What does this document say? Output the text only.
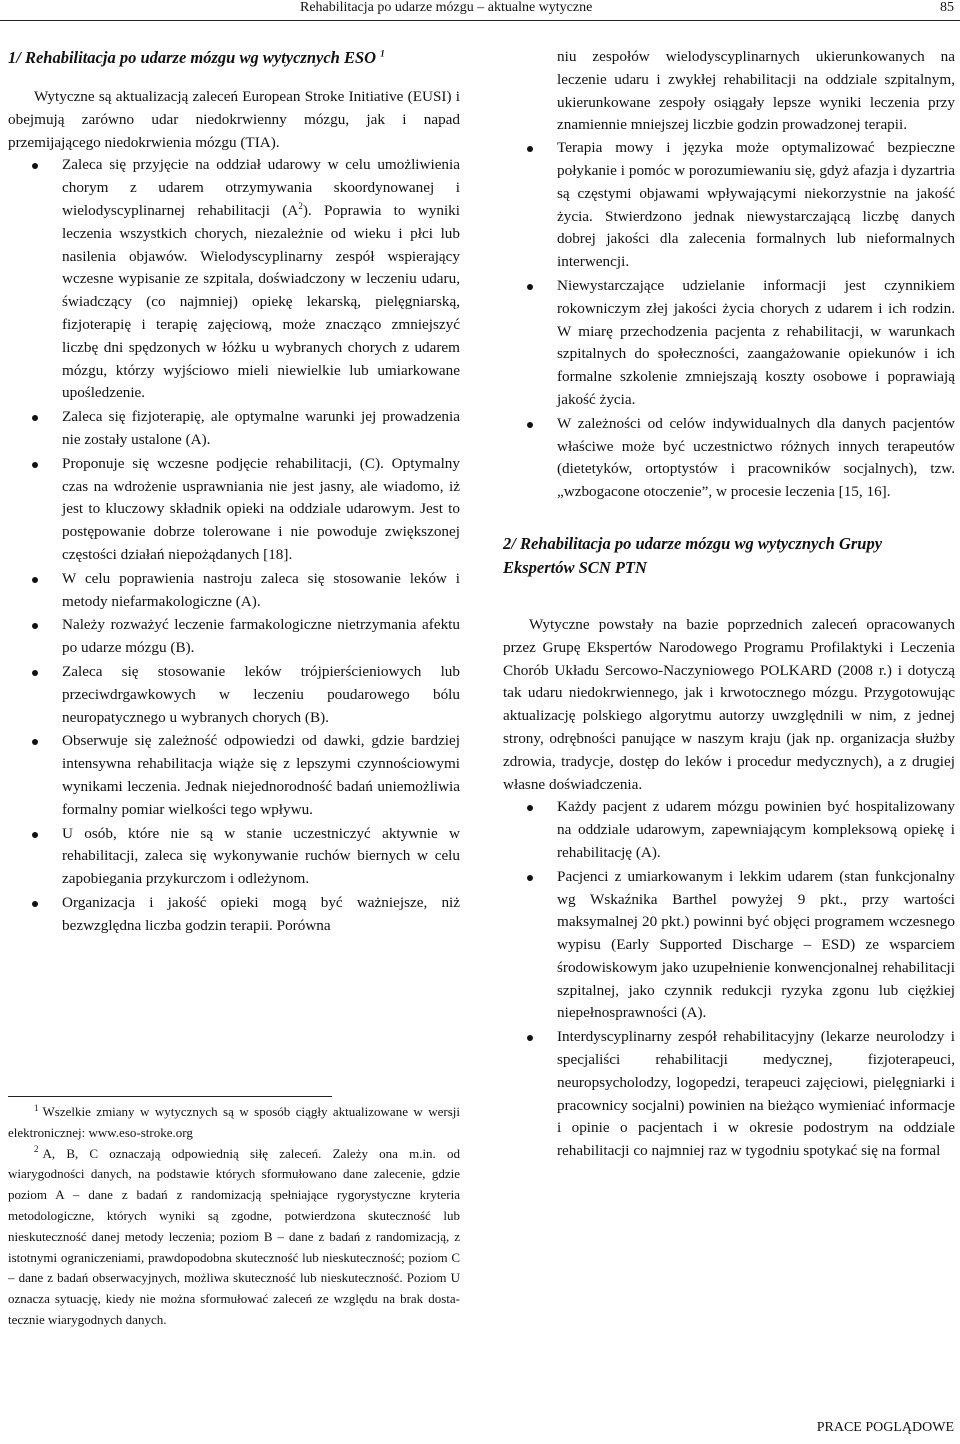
Rehabilitacja po udarze mózgu – aktualne wytyczne	85
1/ Rehabilitacja po udarze mózgu wg wytycznych ESO $^1$

Wytyczne są aktualizacją zaleceń European Stroke Initiative (EUSI) i obejmują zarówno udar niedokrwienny mózgu, jak i napad przemijającego niedokrwienia mózgu (TIA).

Zaleca się przyjęcie na oddział udarowy w celu umożliwienia chorym z udarem otrzymywania skoordynowanej i wielodyscyplinarnej rehabilitacji $(A^2)$. Poprawia to wyniki leczenia wszystkich chorych, niezależnie od wieku i płci lub nasilenia objawów. Wielodyscyplinarny zespół wspierający wczesne wypisanie ze szpitala, doświadczony w leczeniu udaru, świadczący (co najmniej) opiekę lekarską, pielęgniarską, fizjoterapię i terapię zajęciową, może znacząco zmniejszyć liczbę dni spędzonych w łóżku u wybranych chorych z udarem mózgu, którzy wyjściowo mieli niewielkie lub umiarkowane upośledzenie.

Zaleca się fizjoterapię, ale optymalne warunki jej prowadzenia nie zostały ustalone (A).

Proponuje się wczesne podjęcie rehabilitacji, (C). Optymalny czas na wdrożenie usprawniania nie jest jasny, ale wiadomo, iż jest to kluczowy składnik opieki na oddziale udarowym. Jest to postępowanie dobrze tolerowane i nie powoduje zwiększonej częstości działań niepożądanych [18].

W celu poprawienia nastroju zaleca się stosowanie leków i metody niefarmakologiczne (A).

Należy rozważyć leczenie farmakologiczne nietrzymania afektu po udarze mózgu (B).

Zaleca się stosowanie leków trójpierścieniowych lub przeciwdrgawkowych w leczeniu poudarowego bólu neuropatycznego u wybranych chorych (B).

Obserwuje się zależność odpowiedzi od dawki, gdzie bardziej intensywna rehabilitacja wiąże się z lepszymi czynnościowymi wynikami leczenia. Jednak niejednorodność badań uniemożliwia formalny pomiar wielkości tego wpływu.

U osób, które nie są w stanie uczestniczyć aktywnie w rehabilitacji, zaleca się wykonywanie ruchów biernych w celu zapobiegania przykurczom i odleżynom.

Organizacja i jakość opieki mogą być ważniejsze, niż bezwzględna liczba godzin terapii. Porówna

$^1$ Wszelkie zmiany w wytycznych są w sposób ciągły aktualizowane w wersji elektronicznej: www.eso-stroke.org

$^2$ A, B, C oznaczają odpowiednią siłę zaleceń. Zależy ona m.in. od wiarygodności danych, na podstawie których sformułowano dane zalecenie, gdzie poziom A – dane z badań z randomizacją spełniające rygorystyczne kryteria metodologiczne, których wyniki są zgodne, potwierdzona skuteczność lub nieskuteczność danej metody leczenia; poziom B – dane z badań z randomizacją, z istotnymi ograniczeniami, prawdopodobna skuteczność lub nieskuteczność; poziom C – dane z badań obserwacyjnych, możliwa skuteczność lub nieskuteczność. Poziom U oznacza sytuację, kiedy nie można sformułować zaleceń ze względu na brak dostatecznie wiarygodnych danych.

niu zespołów wielodyscyplinarnych ukierunkowanych na leczenie udaru i zwykłej rehabilitacji na oddziale szpitalnym, ukierunkowane zespoły osiągały lepsze wyniki leczenia przy znamiennie mniejszej liczbie godzin prowadzonej terapii.

Terapia mowy i języka może optymalizować bezpieczne połykanie i pomóc w porozumiewaniu się, gdyż afazja i dyzartria są częstymi objawami wpływającymi niekorzystnie na jakość życia. Stwierdzono jednak niewystarczającą liczbę danych dobrej jakości dla zalecenia formalnych lub nieformalnych interwencji.

Niewystarczające udzielanie informacji jest czynnikiem rokowniczym złej jakości życia chorych z udarem i ich rodzin. W miarę przechodzenia pacjenta z rehabilitacji, w warunkach szpitalnych do społeczności, zaangażowanie opiekunów i ich formalne szkolenie zmniejszają koszty osobowe i poprawiają jakość życia.

W zależności od celów indywidualnych dla danych pacjentów właściwe może być uczestnictwo różnych innych terapeutów (dietetyków, ortoptystów i pracowników socjalnych), tzw. „wzbogacone otoczenie”, w procesie leczenia [15, 16].

2/ Rehabilitacja po udarze mózgu wg wytycznych Grupy Ekspertów SCN PTN

Wytyczne powstały na bazie poprzednich zaleceń opracowanych przez Grupę Ekspertów Narodowego Programu Profilaktyki i Leczenia Chorób Układu Sercowo-Naczyniowego POLKARD (2008 r.) i dotyczą tak udaru niedokrwiennego, jak i krwotocznego mózgu. Przygotowując aktualizację polskiego algorytmu autorzy uwzględnili w nim, z jednej strony, odrębności panujące w naszym kraju (jak np. organizacja służby zdrowia, tradycje, dostęp do leków i procedur medycznych), a z drugiej własne doświadczenia.

Każdy pacjent z udarem mózgu powinien być hospitalizowany na oddziale udarowym, zapewniającym kompleksową opiekę i rehabilitację (A).

Pacjenci z umiarkowanym i lekkim udarem (stan funkcjonalny wg Wskaźnika Barthel powyżej 9 pkt., przy wartości maksymalnej 20 pkt.) powinni być objęci programem wczesnego wypisu (Early Supported Discharge – ESD) ze wsparciem środowiskowym jako uzupełnienie konwencjonalnej rehabilitacji szpitalnej, jako czynnik redukcji ryzyka zgonu lub ciężkiej niepełnosprawności (A).

Interdyscyplinarny zespół rehabilitacyjny (lekarze neurolodzy i specjaliści rehabilitacji medycznej, fizjoterapeuci, neuropsycholodzy, logopedzi, terapeuci zajęciowi, pielęgniarki i pracownicy socjalni) powinien na bieżąco wymieniać informacje i opinie o pacjentach i w okresie podostrym na oddziale rehabilitacji co najmniej raz w tygodniu spotykać się na formal

PRACE POGLĄDOWE
